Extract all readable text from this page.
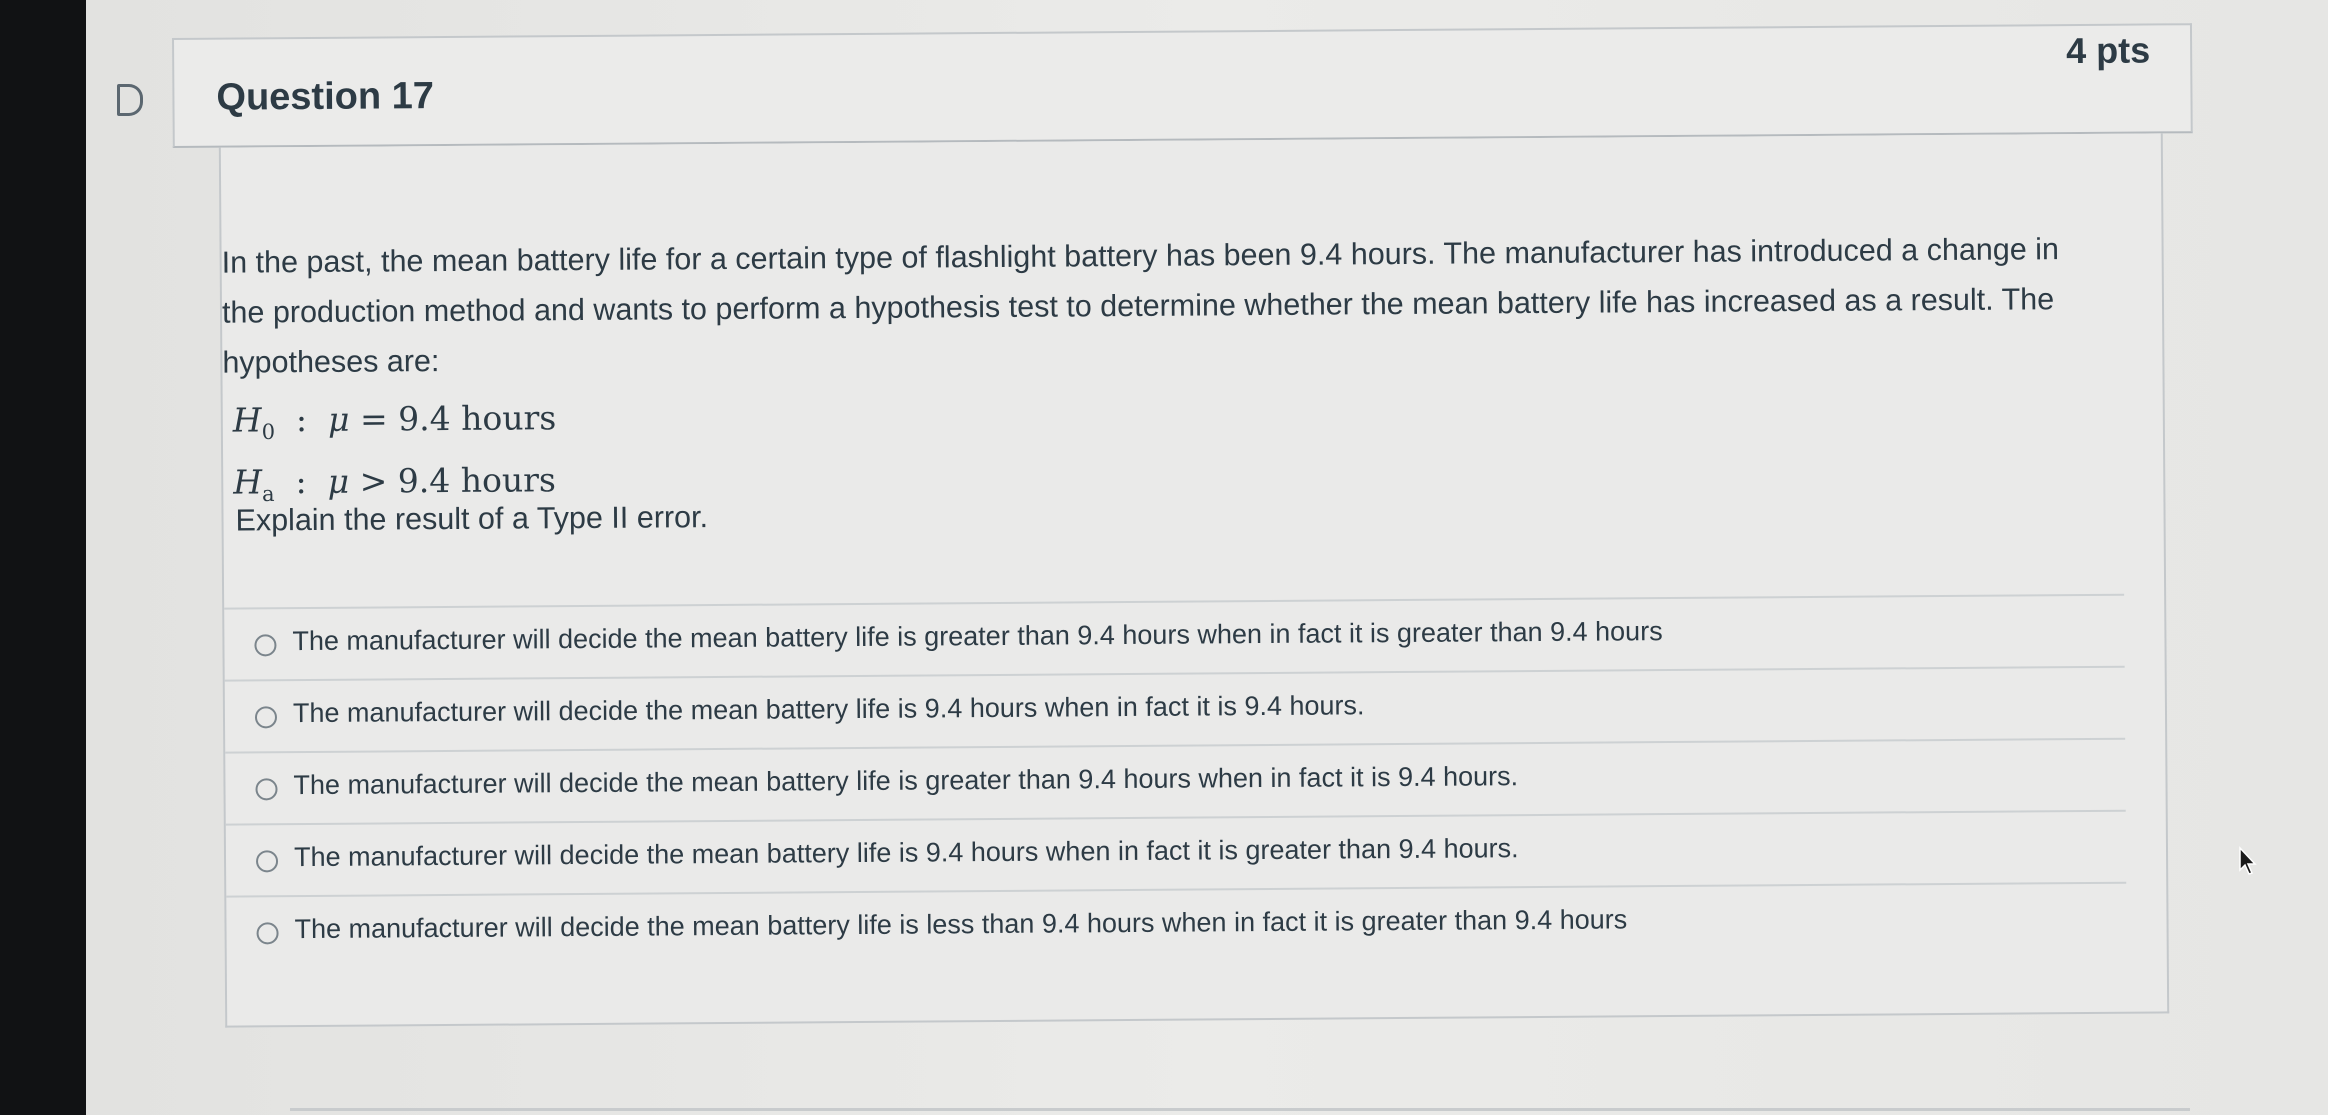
Question 17
4 pts
In the past, the mean battery life for a certain type of flashlight battery has been 9.4 hours. The manufacturer has introduced a change in the production method and wants to perform a hypothesis test to determine whether the mean battery life has increased as a result. The hypotheses are:
$H_0$  :  μ = 9.4 hours
$H_a$  :  μ > 9.4 hours
Explain the result of a Type II error.
The manufacturer will decide the mean battery life is greater than 9.4 hours when in fact it is greater than 9.4 hours
The manufacturer will decide the mean battery life is 9.4 hours when in fact it is 9.4 hours.
The manufacturer will decide the mean battery life is greater than 9.4 hours when in fact it is 9.4 hours.
The manufacturer will decide the mean battery life is 9.4 hours when in fact it is greater than 9.4 hours.
The manufacturer will decide the mean battery life is less than 9.4 hours when in fact it is greater than 9.4 hours
